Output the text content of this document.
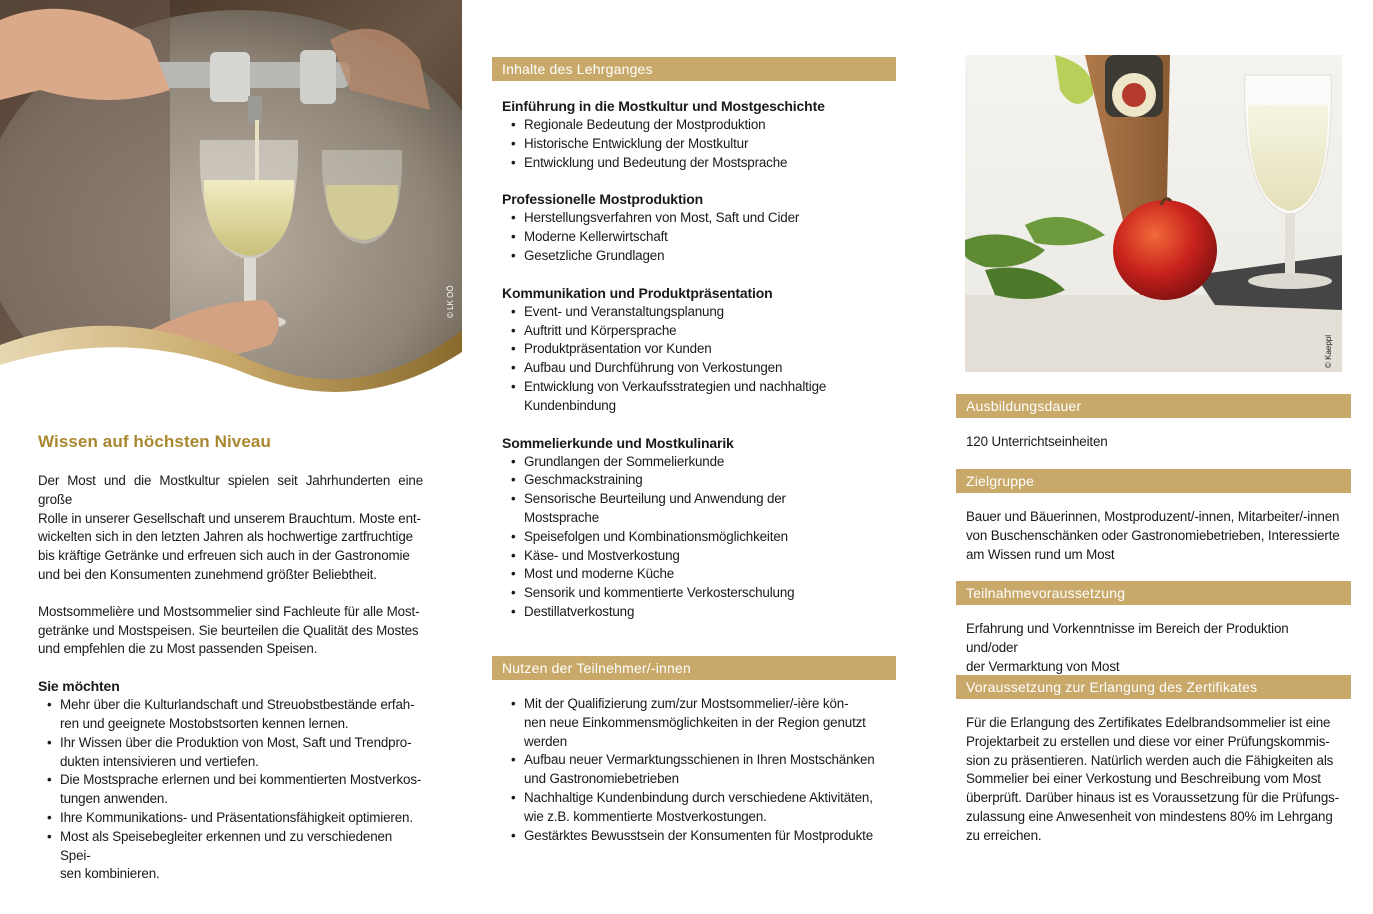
© LK OÖ
Wissen auf höchsten Niveau

Der Most und die Mostkultur spielen seit Jahrhunderten eine große

Rolle in unserer Gesellschaft und unserem Brauchtum. Moste ent-

wickelten sich in den letzten Jahren als hochwertige zartfruchtige

bis kräftige Getränke und erfreuen sich auch in der Gastronomie

und bei den Konsumenten zunehmend größter Beliebtheit.

Mostsommelière und Mostsommelier sind Fachleute für alle Most-

getränke und Mostspeisen. Sie beurteilen die Qualität des Mostes

und empfehlen die zu Most passenden Speisen.

Sie möchten
• Mehr über die Kulturlandschaft und Streuobstbestände erfah-
ren und geeignete Mostobstsorten kennen lernen.
• Ihr Wissen über die Produktion von Most, Saft und Trendpro-
dukten intensivieren und vertiefen.
• Die Mostsprache erlernen und bei kommentierten Mostverkos-
tungen anwenden.
• Ihre Kommunikations- und Präsentationsfähigkeit optimieren.
• Most als Speisebegleiter erkennen und zu verschiedenen Spei-
sen kombinieren.
Inhalte des Lehrganges
Einführung in die Mostkultur und Mostgeschichte
• Regionale Bedeutung der Mostproduktion
• Historische Entwicklung der Mostkultur
• Entwicklung und Bedeutung der Mostsprache
Professionelle Mostproduktion
• Herstellungsverfahren von Most, Saft und Cider
• Moderne Kellerwirtschaft
• Gesetzliche Grundlagen
Kommunikation und Produktpräsentation
• Event- und Veranstaltungsplanung
• Auftritt und Körpersprache
• Produktpräsentation vor Kunden
• Aufbau und Durchführung von Verkostungen
• Entwicklung von Verkaufsstrategien und nachhaltige
Kundenbindung
Sommelierkunde und Mostkulinarik
• Grundlangen der Sommelierkunde
• Geschmackstraining
• Sensorische Beurteilung und Anwendung der
Mostsprache
• Speisefolgen und Kombinationsmöglichkeiten
• Käse- und Mostverkostung
• Most und moderne Küche
• Sensorik und kommentierte Verkosterschulung
• Destillatverkostung
Nutzen der Teilnehmer/-innen
• Mit der Qualifizierung zum/zur Mostsommelier/-ière kön-
nen neue Einkommensmöglichkeiten in der Region genutzt
werden
• Aufbau neuer Vermarktungsschienen in Ihren Mostschänken
und Gastronomiebetrieben
• Nachhaltige Kundenbindung durch verschiedene Aktivitäten,
wie z.B. kommentierte Mostverkostungen.
• Gestärktes Bewusstsein der Konsumenten für Mostprodukte
© Kaeppl
Ausbildungsdauer
120 Unterrichtseinheiten
Zielgruppe

Bauer und Bäuerinnen, Mostproduzent/-innen, Mitarbeiter/-innen

von Buschenschänken oder Gastronomiebetrieben, Interessierte

am Wissen rund um Most

Teilnahmevoraussetzung

Erfahrung und Vorkenntnisse im Bereich der Produktion und/oder

der Vermarktung von Most

Voraussetzung zur Erlangung des Zertifikates

Für die Erlangung des Zertifikates Edelbrandsommelier ist eine

Projektarbeit zu erstellen und diese vor einer Prüfungskommis-

sion zu präsentieren. Natürlich werden auch die Fähigkeiten als

Sommelier bei einer Verkostung und Beschreibung vom Most

überprüft. Darüber hinaus ist es Voraussetzung für die Prüfungs-

zulassung eine Anwesenheit von mindestens 80% im Lehrgang

zu erreichen.
